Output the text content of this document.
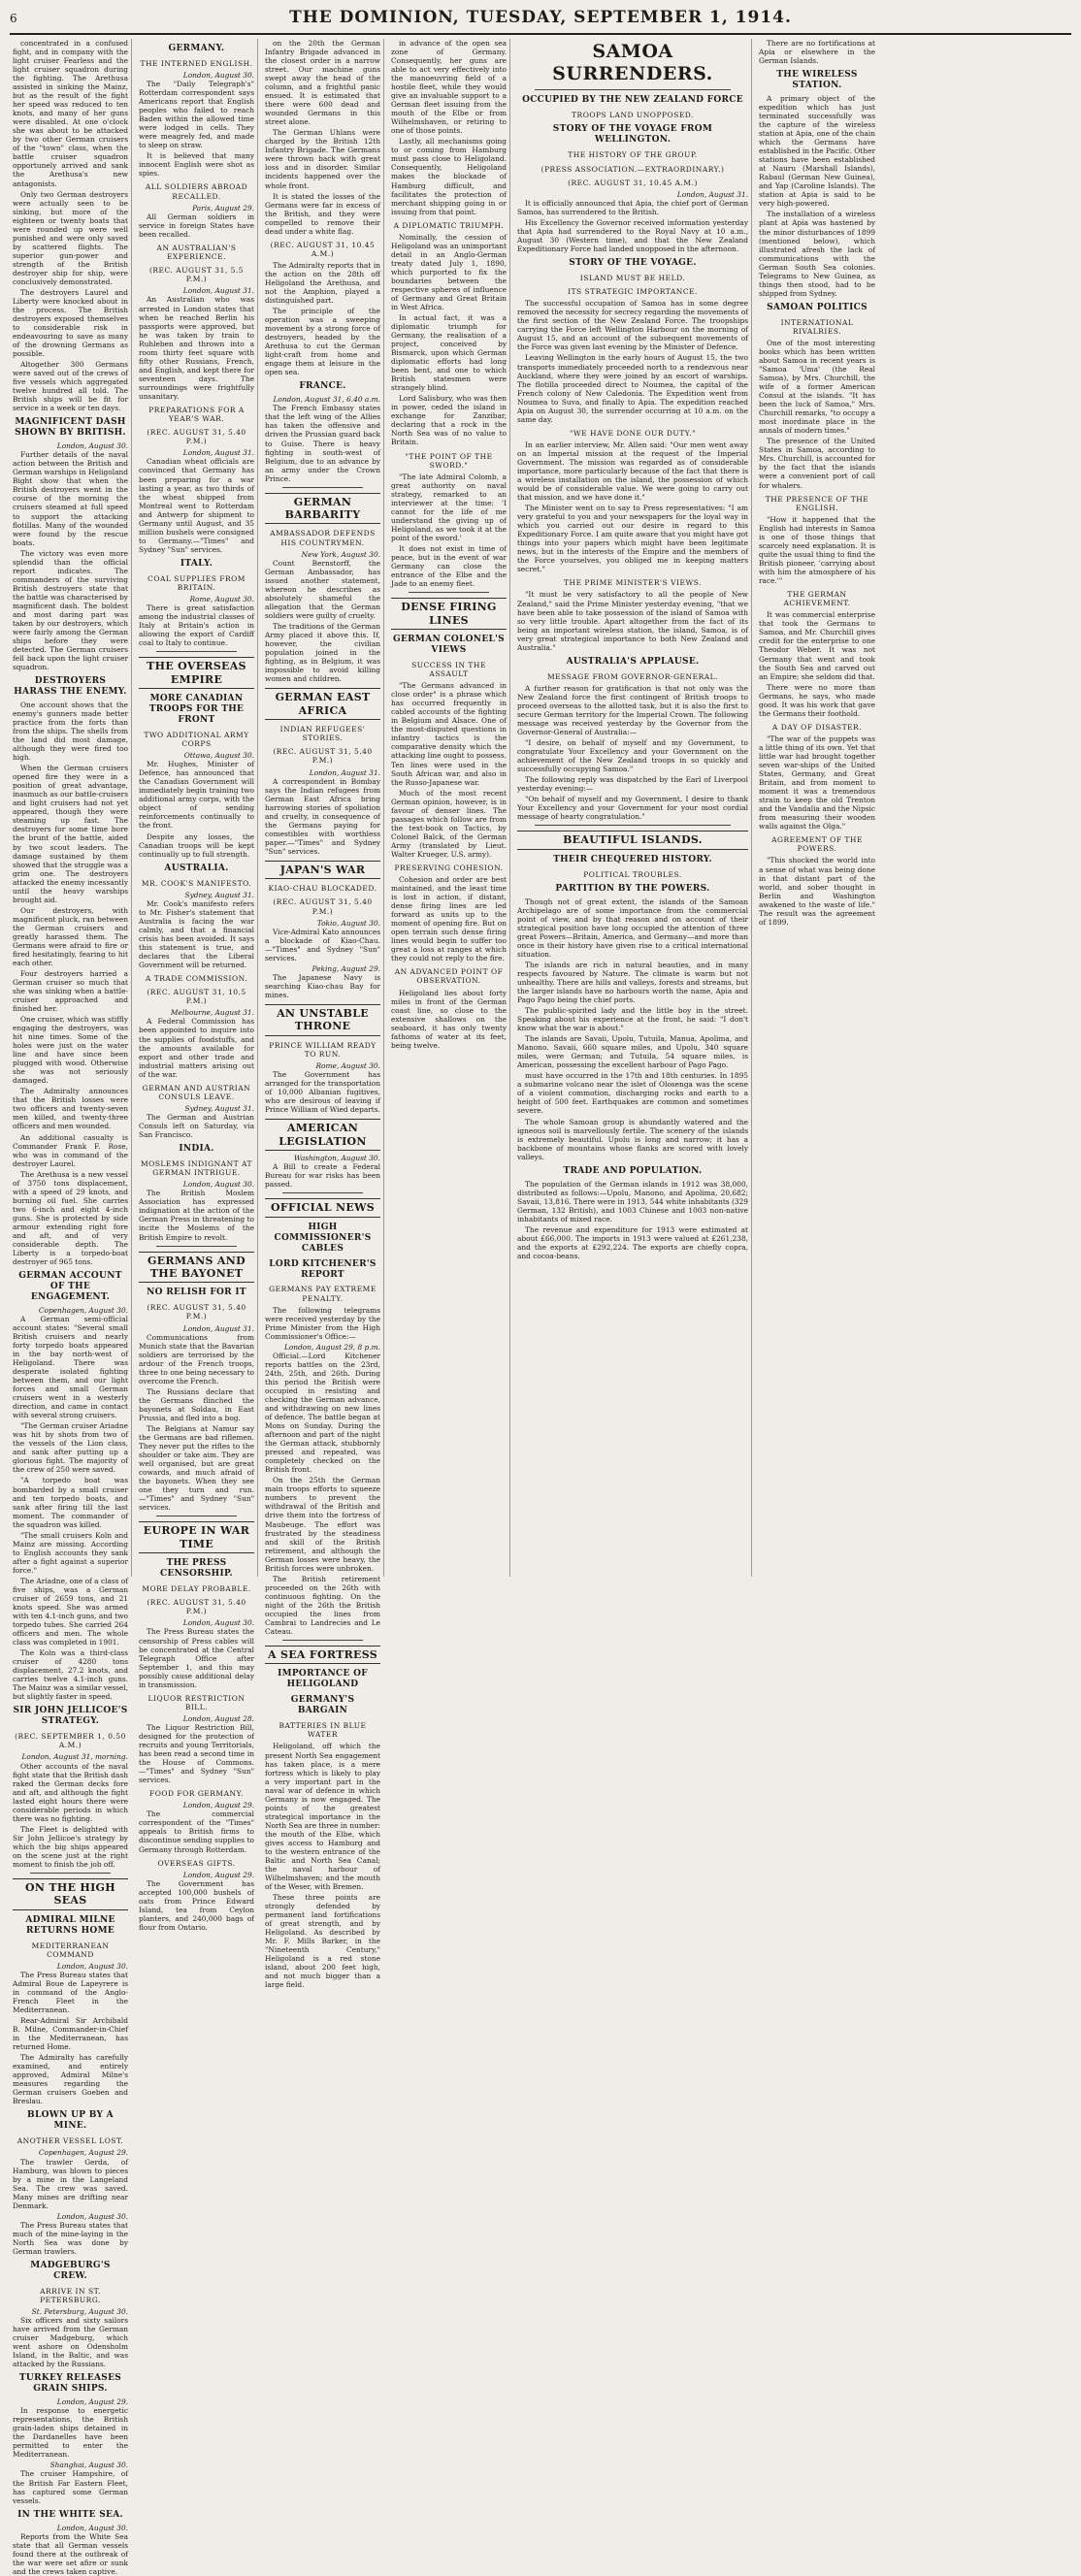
6	THE DOMINION, TUESDAY, SEPTEMBER 1, 1914.

concentrated in a confused fight, and in company with the light cruiser Fearless and the light cruiser squadron during the fighting. The Arethusa assisted in sinking the Mainz, but as the result of the fight her speed was reduced to ten knots, and many of her guns were disabled. At one o'clock she was about to be attacked by two other German cruisers of the "town" class, when the battle cruiser squadron opportunely arrived and sank the Arethusa's new antagonists.

Only two German destroyers were actually seen to be sinking, but more of the eighteen or twenty boats that were rounded up were well punished and were only saved by scattered flights. The superior gun-power and strength of the British destroyer ship for ship, were conclusively demonstrated.

The destroyers Laurel and Liberty were knocked about in the process. The British destroyers exposed themselves to considerable risk in endeavouring to save as many of the drowning Germans as possible.

Altogether 300 Germans were saved out of the crews of five vessels which aggregated twelve hundred all told. The British ships will be fit for service in a week or ten days.

MAGNIFICENT DASH SHOWN BY BRITISH.

London, August 30.

Further details of the naval action between the British and German warships in Heligoland Bight show that when the British destroyers went in the course of the morning the cruisers steamed at full speed to support the attacking flotillas. Many of the wounded were found by the rescue boats.

The victory was even more splendid than the official report indicates. The commanders of the surviving British destroyers state that the battle was characterised by magnificent dash. The boldest and most daring part was taken by our destroyers, which were fairly among the German ships before they were detected. The German cruisers fell back upon the light cruiser squadron.

DESTROYERS HARASS THE ENEMY.

One account shows that the enemy's gunners made better practice from the forts than from the ships. The shells from the land did most damage, although they were fired too high.

When the German cruisers opened fire they were in a position of great advantage, inasmuch as our battle-cruisers and light cruisers had not yet appeared, though they were steaming up fast. The destroyers for some time bore the brunt of the battle, aided by two scout leaders. The damage sustained by them showed that the struggle was a grim one. The destroyers attacked the enemy incessantly until the heavy warships brought aid.

Our destroyers, with magnificent pluck, ran between the German cruisers and greatly harassed them. The Germans were afraid to fire or fired hesitatingly, fearing to hit each other.

Four destroyers harried a German cruiser so much that she was sinking when a battle-cruiser approached and finished her.

One cruiser, which was stiffly engaging the destroyers, was hit nine times. Some of the holes were just on the water line and have since been plugged with wood. Otherwise she was not seriously damaged.

The Admiralty announces that the British losses were two officers and twenty-seven men killed, and twenty-three officers and men wounded.

An additional casualty is Commander Frank F. Rose, who was in command of the destroyer Laurel.

The Arethusa is a new vessel of 3750 tons displacement, with a speed of 29 knots, and burning oil fuel. She carries two 6-inch and eight 4-inch guns. She is protected by side armour extending right fore and aft, and of very considerable depth. The Liberty is a torpedo-boat destroyer of 965 tons.

GERMAN ACCOUNT OF THE ENGAGEMENT.

Copenhagen, August 30.

A German semi-official account states: "Several small British cruisers and nearly forty torpedo boats appeared in the bay north-west of Heligoland. There was desperate isolated fighting between them, and our light forces and small German cruisers went in a westerly direction, and came in contact with several strong cruisers.

"The German cruiser Ariadne was hit by shots from two of the vessels of the Lion class, and sank after putting up a glorious fight. The majority of the crew of 250 were saved.

"A torpedo boat was bombarded by a small cruiser and ten torpedo boats, and sank after firing till the last moment. The commander of the squadron was killed.

"The small cruisers Koln and Mainz are missing. According to English accounts they sank after a fight against a superior force."

The Ariadne, one of a class of five ships, was a German cruiser of 2659 tons, and 21 knots speed. She was armed with ten 4.1-inch guns, and two torpedo tubes. She carried 264 officers and men. The whole class was completed in 1901.

The Koln was a third-class cruiser of 4280 tons displacement, 27.2 knots, and carries twelve 4.1-inch guns. The Mainz was a similar vessel, but slightly faster in speed.

SIR JOHN JELLICOE'S STRATEGY.
(REC. SEPTEMBER 1, 0.50 A.M.)

London, August 31, morning.

Other accounts of the naval fight state that the British dash raked the German decks fore and aft, and although the fight lasted eight hours there were considerable periods in which there was no fighting.

The Fleet is delighted with Sir John Jellicoe's strategy by which the big ships appeared on the scene just at the right moment to finish the job off.

ON THE HIGH SEAS
ADMIRAL MILNE RETURNS HOME
MEDITERRANEAN COMMAND

London, August 30.

The Press Bureau states that Admiral Boue de Lapeyrere is in command of the Anglo-French Fleet in the Mediterranean.

Rear-Admiral Sir Archibald B. Milne, Commander-in-Chief in the Mediterranean, has returned Home.

The Admiralty has carefully examined, and entirely approved, Admiral Milne's measures regarding the German cruisers Goeben and Breslau.

BLOWN UP BY A MINE.
ANOTHER VESSEL LOST.

Copenhagen, August 29.

The trawler Gerda, of Hamburg, was blown to pieces by a mine in the Langeland Sea. The crew was saved. Many mines are drifting near Denmark.

London, August 30.

The Press Bureau states that much of the mine-laying in the North Sea was done by German trawlers.

MADGEBURG'S CREW.
ARRIVE IN ST. PETERSBURG.

St. Petersburg, August 30.

Six officers and sixty sailors have arrived from the German cruiser Madgeburg, which went ashore on Odensholm Island, in the Baltic, and was attacked by the Russians.

TURKEY RELEASES GRAIN SHIPS.

London, August 29.

In response to energetic representations, the British grain-laden ships detained in the Dardanelles have been permitted to enter the Mediterranean.

Shanghai, August 30.

The cruiser Hampshire, of the British Far Eastern Fleet, has captured some German vessels.

IN THE WHITE SEA.

London, August 30.

Reports from the White Sea state that all German vessels found there at the outbreak of the war were set afire or sunk and the crews taken captive.

GERMANY.
THE INTERNED ENGLISH.

London, August 30.

The "Daily Telegraph's" Rotterdam correspondent says Americans report that English peoples who failed to reach Baden within the allowed time were lodged in cells. They were meagrely fed, and made to sleep on straw.

It is believed that many innocent English were shot as spies.

ALL SOLDIERS ABROAD RECALLED.

Paris, August 29.

All German soldiers in service in foreign States have been recalled.

AN AUSTRALIAN'S EXPERIENCE.
(REC. AUGUST 31, 5.5 P.M.)

London, August 31.

An Australian who was arrested in London states that when he reached Berlin his passports were approved, but he was taken by train to Ruhleben and thrown into a room thirty feet square with fifty other Russians, French, and English, and kept there for seventeen days. The surroundings were frightfully unsanitary.

PREPARATIONS FOR A YEAR'S WAR.
(REC. AUGUST 31, 5.40 P.M.)

London, August 31.

Canadian wheat officials are convinced that Germany has been preparing for a war lasting a year, as two thirds of the wheat shipped from Montreal went to Rotterdam and Antwerp for shipment to Germany until August, and 35 million bushels were consigned to Germany.—"Times" and Sydney "Sun" services.

ITALY.
COAL SUPPLIES FROM BRITAIN.

Rome, August 30.

There is great satisfaction among the industrial classes of Italy at Britain's action in allowing the export of Cardiff coal to Italy to continue.

THE OVERSEAS EMPIRE
MORE CANADIAN TROOPS FOR THE FRONT
TWO ADDITIONAL ARMY CORPS

Ottawa, August 30.

Mr. Hughes, Minister of Defence, has announced that the Canadian Government will immediately begin training two additional army corps, with the object of sending reinforcements continually to the front.

Despite any losses, the Canadian troops will be kept continually up to full strength.

AUSTRALIA.
MR. COOK'S MANIFESTO.

Sydney, August 31.

Mr. Cook's manifesto refers to Mr. Fisher's statement that Australia is facing the war calmly, and that a financial crisis has been avoided. It says this statement is true, and declares that the Liberal Government will be returned.

A TRADE COMMISSION.
(REC. AUGUST 31, 10.5 P.M.)

Melbourne, August 31.

A Federal Commission has been appointed to inquire into the supplies of foodstuffs, and the amounts available for export and other trade and industrial matters arising out of the war.

GERMAN AND AUSTRIAN CONSULS LEAVE.

Sydney, August 31.

The German and Austrian Consuls left on Saturday, via San Francisco.

INDIA.
MOSLEMS INDIGNANT AT GERMAN INTRIGUE.

London, August 30.

The British Moslem Association has expressed indignation at the action of the German Press in threatening to incite the Moslems of the British Empire to revolt.

GERMANS AND THE BAYONET
NO RELISH FOR IT
(REC. AUGUST 31, 5.40 P.M.)

London, August 31.

Communications from Munich state that the Bavarian soldiers are terrorised by the ardour of the French troops, three to one being necessary to overcome the French.

The Russians declare that the Germans flinched the bayonets at Soldau, in East Prussia, and fled into a bog.

The Belgians at Namur say the Germans are bad riflemen. They never put the rifles to the shoulder or take aim. They are well organised, but are great cowards, and much afraid of the bayonets. When they see one they turn and run.—"Times" and Sydney "Sun" services.

EUROPE IN WAR TIME
THE PRESS CENSORSHIP.
MORE DELAY PROBABLE.
(REC. AUGUST 31, 5.40 P.M.)

London, August 30.

The Press Bureau states the censorship of Press cables will be concentrated at the Central Telegraph Office after September 1, and this may possibly cause additional delay in transmission.

LIQUOR RESTRICTION BILL.

London, August 28.

The Liquor Restriction Bill, designed for the protection of recruits and young Territorials, has been read a second time in the House of Commons.—"Times" and Sydney "Sun" services.

FOOD FOR GERMANY.

London, August 29.

The commercial correspondent of the "Times" appeals to British firms to discontinue sending supplies to Germany through Rotterdam.

OVERSEAS GIFTS.

London, August 29.

The Government has accepted 100,000 bushels of oats from Prince Edward Island, tea from Ceylon planters, and 240,000 bags of flour from Ontario.

on the 20th the German Infantry Brigade advanced in the closest order in a narrow street. Our machine guns swept away the head of the column, and a frightful panic ensued. It is estimated that there were 600 dead and wounded Germans in this street alone.

The German Uhlans were charged by the British 12th Infantry Brigade. The Germans were thrown back with great loss and in disorder. Similar incidents happened over the whole front.

It is stated the losses of the Germans were far in excess of the British, and they were compelled to remove their dead under a white flag.

(REC. AUGUST 31, 10.45 A.M.)

The Admiralty reports that in the action on the 28th off Heligoland the Arethusa, and not the Amphion, played a distinguished part.

The principle of the operation was a sweeping movement by a strong force of destroyers, headed by the Arethusa to cut the German light-craft from home and engage them at leisure in the open sea.

FRANCE.

London, August 31, 6.40 a.m.

The French Embassy states that the left wing of the Allies has taken the offensive and driven the Prussian guard back to Guise. There is heavy fighting in south-west of Belgium, due to an advance by an army under the Crown Prince.

GERMAN BARBARITY
AMBASSADOR DEFENDS HIS COUNTRYMEN.

New York, August 30.

Count Bernstorff, the German Ambassador, has issued another statement, whereon he describes as absolutely shameful the allegation that the German soldiers were guilty of cruelty.

The traditions of the German Army placed it above this. If, however, the civilian population joined in the fighting, as in Belgium, it was impossible to avoid killing women and children.

GERMAN EAST AFRICA
INDIAN REFUGEES' STORIES.
(REC. AUGUST 31, 5.40 P.M.)

London, August 31.

A correspondent in Bombay says the Indian refugees from German East Africa bring harrowing stories of spoliation and cruelty, in consequence of the Germans paying for comestibles with worthless paper.—"Times" and Sydney "Sun" services.

JAPAN'S WAR
KIAO-CHAU BLOCKADED.
(REC. AUGUST 31, 5.40 P.M.)

Tokio, August 30.

Vice-Admiral Kato announces a blockade of Kiao-Chau.—"Times" and Sydney "Sun" services.

Peking, August 29.

The Japanese Navy is searching Kiao-chau Bay for mines.

AN UNSTABLE THRONE
PRINCE WILLIAM READY TO RUN.

Rome, August 30.

The Government has arranged for the transportation of 10,000 Albanian fugitives, who are desirous of leaving if Prince William of Wied departs.

AMERICAN LEGISLATION

Washington, August 30.

A Bill to create a Federal Bureau for war risks has been passed.

OFFICIAL NEWS
HIGH COMMISSIONER'S CABLES
LORD KITCHENER'S REPORT
GERMANS PAY EXTREME PENALTY.

The following telegrams were received yesterday by the Prime Minister from the High Commissioner's Office:—

London, August 29, 8 p.m.

Official.—Lord Kitchener reports battles on the 23rd, 24th, 25th, and 26th. During this period the British were occupied in resisting and checking the German advance, and withdrawing on new lines of defence. The battle began at Mons on Sunday. During the afternoon and part of the night the German attack, stubbornly pressed and repeated, was completely checked on the British front.

On the 25th the German main troops efforts to squeeze numbers to prevent the withdrawal of the British and drive them into the fortress of Maubeuge. The effort was frustrated by the steadiness and skill of the British retirement, and although the German losses were heavy, the British forces were unbroken.

The British retirement proceeded on the 26th with continuous fighting. On the night of the 26th the British occupied the lines from Cambrai to Landrecies and Le Cateau.

A SEA FORTRESS
IMPORTANCE OF HELIGOLAND
GERMANY'S BARGAIN
BATTERIES IN BLUE WATER

Heligoland, off which the present North Sea engagement has taken place, is a mere fortress which is likely to play a very important part in the naval war of defence in which Germany is now engaged. The points of the greatest strategical importance in the North Sea are three in number: the mouth of the Elbe, which gives access to Hamburg and to the western entrance of the Baltic and North Sea Canal; the naval harbour of Wilhelmshaven; and the mouth of the Weser, with Bremen.

These three points are strongly defended by permanent land fortifications of great strength, and by Heligoland. As described by Mr. F. Mills Barker, in the "Nineteenth Century," Heligoland is a red stone island, about 200 feet high, and not much bigger than a large field.

in advance of the open sea zone of Germany. Consequently, her guns are able to act very effectively into the manoeuvring field of a hostile fleet, while they would give an invaluable support to a German fleet issuing from the mouth of the Elbe or from Wilhelmshaven, or retiring to one of those points.

Lastly, all mechanisms going to or coming from Hamburg must pass close to Heligoland. Consequently, Heligoland makes the blockade of Hamburg difficult, and facilitates the protection of merchant shipping going in or issuing from that point.

A DIPLOMATIC TRIUMPH.

Nominally, the cession of Heligoland was an unimportant detail in an Anglo-German treaty dated July 1, 1890, which purported to fix the boundaries between the respective spheres of influence of Germany and Great Britain in West Africa.

In actual fact, it was a diplomatic triumph for Germany, the realisation of a project, conceived by Bismarck, upon which German diplomatic efforts had long been bent, and one to which British statesmen were strangely blind.

Lord Salisbury, who was then in power, ceded the island in exchange for Zanzibar, declaring that a rock in the North Sea was of no value to Britain.

"THE POINT OF THE SWORD."

"The late Admiral Colomb, a great authority on naval strategy, remarked to an interviewer at the time: 'I cannot for the life of me understand the giving up of Heligoland, as we took it at the point of the sword.'

It does not exist in time of peace, but in the event of war Germany can close the entrance of the Elbe and the Jade to an enemy fleet.

DENSE FIRING LINES
GERMAN COLONEL'S VIEWS
SUCCESS IN THE ASSAULT

"The Germans advanced in close order" is a phrase which has occurred frequently in cabled accounts of the fighting in Belgium and Alsace. One of the most-disputed questions in infantry tactics is the comparative density which the attacking line ought to possess. Ten lines were used in the South African war, and also in the Russo-Japanese war.

Much of the most recent German opinion, however, is in favour of denser lines. The passages which follow are from the text-book on Tactics, by Colonel Balck, of the German Army (translated by Lieut. Walter Krueger, U.S. army).

PRESERVING COHESION.

Cohesion and order are best maintained, and the least time is lost in action, if distant, dense firing lines are led forward as units up to the moment of opening fire. But on open terrain such dense firing lines would begin to suffer too great a loss at ranges at which they could not reply to the fire.

AN ADVANCED POINT OF OBSERVATION.

Heligoland lies about forty miles in front of the German coast line, so close to the extensive shallows on the seaboard, it has only twenty fathoms of water at its feet, being twelve.

SAMOA SURRENDERS.
OCCUPIED BY THE NEW ZEALAND FORCE
TROOPS LAND UNOPPOSED.
STORY OF THE VOYAGE FROM WELLINGTON.
THE HISTORY OF THE GROUP.
(PRESS ASSOCIATION.—EXTRAORDINARY.)
(REC. AUGUST 31, 10.45 A.M.)

London, August 31.

It is officially announced that Apia, the chief port of German Samoa, has surrendered to the British.

His Excellency the Governor received information yesterday that Apia had surrendered to the Royal Navy at 10 a.m., August 30 (Western time), and that the New Zealand Expeditionary Force had landed unopposed in the afternoon.

STORY OF THE VOYAGE.
ISLAND MUST BE HELD.
ITS STRATEGIC IMPORTANCE.

The successful occupation of Samoa has in some degree removed the necessity for secrecy regarding the movements of the first section of the New Zealand Force. The troopships carrying the Force left Wellington Harbour on the morning of August 15, and an account of the subsequent movements of the Force was given last evening by the Minister of Defence.

Leaving Wellington in the early hours of August 15, the two transports immediately proceeded north to a rendezvous near Auckland, where they were joined by an escort of warships. The flotilla proceeded direct to Noumea, the capital of the French colony of New Caledonia. The Expedition went from Noumea to Suva, and finally to Apia. The expedition reached Apia on August 30, the surrender occurring at 10 a.m. on the same day.

"WE HAVE DONE OUR DUTY."

In an earlier interview, Mr. Allen said: "Our men went away on an Imperial mission at the request of the Imperial Government. The mission was regarded as of considerable importance, more particularly because of the fact that there is a wireless installation on the island, the possession of which would be of considerable value. We were going to carry out that mission, and we have done it."

The Minister went on to say to Press representatives: "I am very grateful to you and your newspapers for the loyal way in which you carried out our desire in regard to this Expeditionary Force. I am quite aware that you might have got things into your papers which might have been legitimate news, but in the interests of the Empire and the members of the Force yourselves, you obliged me in keeping matters secret."

THE PRIME MINISTER'S VIEWS.

"It must be very satisfactory to all the people of New Zealand," said the Prime Minister yesterday evening, "that we have been able to take possession of the island of Samoa with so very little trouble. Apart altogether from the fact of its being an important wireless station, the island, Samoa, is of very great strategical importance to both New Zealand and Australia."

AUSTRALIA'S APPLAUSE.
MESSAGE FROM GOVERNOR-GENERAL.

A further reason for gratification is that not only was the New Zealand force the first contingent of British troops to proceed overseas to the allotted task, but it is also the first to secure German territory for the Imperial Crown. The following message was received yesterday by the Governor from the Governor-General of Australia:—

"I desire, on behalf of myself and my Government, to congratulate Your Excellency and your Government on the achievement of the New Zealand troops in so quickly and successfully occupying Samoa."

The following reply was dispatched by the Earl of Liverpool yesterday evening:—

"On behalf of myself and my Government, I desire to thank Your Excellency and your Government for your most cordial message of hearty congratulation."

BEAUTIFUL ISLANDS.
THEIR CHEQUERED HISTORY.
POLITICAL TROUBLES.
PARTITION BY THE POWERS.

Though not of great extent, the islands of the Samoan Archipelago are of some importance from the commercial point of view, and by that reason and on account of their strategical position have long occupied the attention of three great Powers—Britain, America, and Germany—and more than once in their history have given rise to a critical international situation.

The islands are rich in natural beauties, and in many respects favoured by Nature. The climate is warm but not unhealthy. There are hills and valleys, forests and streams, but the larger islands have no harbours worth the name, Apia and Pago Pago being the chief ports.

The public-spirited lady and the little boy in the street. Speaking about his experience at the front, he said: "I don't know what the war is about."

The islands are Savaii, Upolu, Tutuila, Manua, Apolima, and Manono. Savaii, 660 square miles, and Upolu, 340 square miles, were German; and Tutuila, 54 square miles, is American, possessing the excellent harbour of Pago Pago.

must have occurred in the 17th and 18th centuries. In 1895 a submarine volcano near the islet of Olosenga was the scene of a violent commotion, discharging rocks and earth to a height of 500 feet. Earthquakes are common and sometimes severe.

The whole Samoan group is abundantly watered and the igneous soil is marvellously fertile. The scenery of the islands is extremely beautiful. Upolu is long and narrow; it has a backbone of mountains whose flanks are scored with lovely valleys.

TRADE AND POPULATION.

The population of the German islands in 1912 was 38,000, distributed as follows:—Upolu, Manono, and Apolima, 20,682; Savaii, 13,816. There were in 1913, 544 white inhabitants (329 German, 132 British), and 1003 Chinese and 1003 non-native inhabitants of mixed race.

The revenue and expenditure for 1913 were estimated at about £66,000. The imports in 1913 were valued at £261,238, and the exports at £292,224. The exports are chiefly copra, and cocoa-beans.

There are no fortifications at Apia or elsewhere in the German Islands.

THE WIRELESS STATION.

A primary object of the expedition which has just terminated successfully was the capture of the wireless station at Apia, one of the chain which the Germans have established in the Pacific. Other stations have been established at Nauru (Marshall Islands), Rabaul (German New Guinea), and Yap (Caroline Islands). The station at Apia is said to be very high-powered.

The installation of a wireless plant at Apia was hastened by the minor disturbances of 1899 (mentioned below), which illustrated afresh the lack of communications with the German South Sea colonies. Telegrams to New Guinea, as things then stood, had to be shipped from Sydney.

SAMOAN POLITICS
INTERNATIONAL RIVALRIES.

One of the most interesting books which has been written about Samoa in recent years is "Samoa 'Uma' (the Real Samoa), by Mrs. Churchill, the wife of a former American Consul at the islands. "It has been the luck of Samoa," Mrs. Churchill remarks, "to occupy a most inordinate place in the annals of modern times."

The presence of the United States in Samoa, according to Mrs. Churchill, is accounted for by the fact that the islands were a convenient port of call for whalers.

THE PRESENCE OF THE ENGLISH.

"How it happened that the English had interests in Samoa is one of those things that scarcely need explanation. It is quite the usual thing to find the British pioneer, 'carrying about with him the atmosphere of his race.'"

THE GERMAN ACHIEVEMENT.

It was commercial enterprise that took the Germans to Samoa, and Mr. Churchill gives credit for the enterprise to one Theodor Weber. It was not Germany that went and took the South Sea and carved out an Empire; she seldom did that.

There were no more than Germans, he says, who made good. It was his work that gave the Germans their foothold.

A DAY OF DISASTER.

"The war of the puppets was a little thing of its own. Yet that little war had brought together seven war-ships of the United States, Germany, and Great Britain, and from moment to moment it was a tremendous strain to keep the old Trenton and the Vandalia and the Nipsic from measuring their wooden walls against the Olga."

AGREEMENT OF THE POWERS.

"This shocked the world into a sense of what was being done in that distant part of the world, and sober thought in Berlin and Washington awakened to the waste of life." The result was the agreement of 1899.
